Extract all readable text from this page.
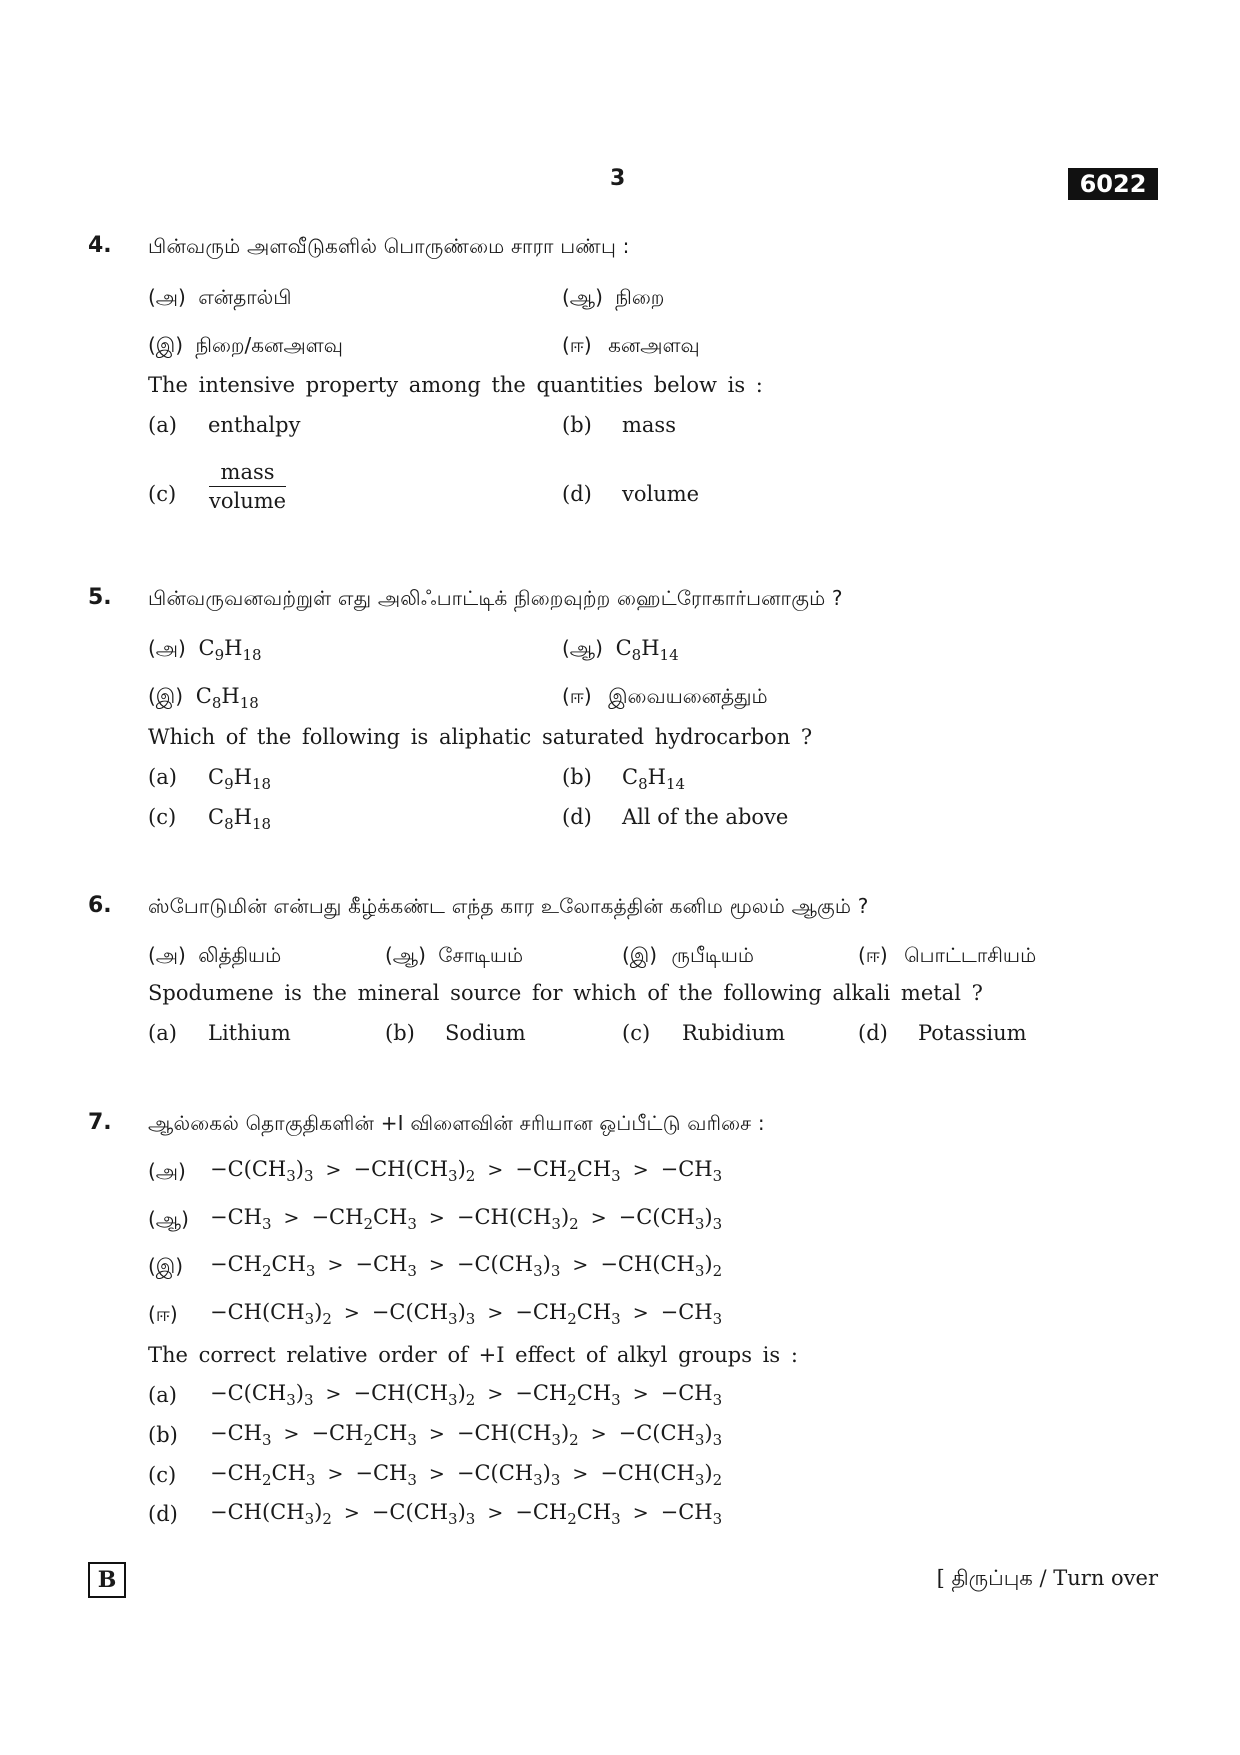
3	6022
4. பின்வரும் அளவீடுகளில் பொருண்மை சாரா பண்பு :
(அ) என்தால்பி	(ஆ) நிறை
(இ) நிறை/கனஅளவு	(ஈ) கனஅளவு
The intensive property among the quantities below is :
(a) enthalpy	(b) mass
(c)
mass
volume	(d) volume
5. பின்வருவனவற்றுள் எது அலிஃபாட்டிக் நிறைவுற்ற ஹைட்ரோகார்பனாகும் ?
(அ) $C_9H_{18}$	(ஆ) $C_8H_{14}$
(இ) $C_8H_{18}$	(ஈ) இவையனைத்தும்
Which of the following is aliphatic saturated hydrocarbon ?
(a) $C_9H_{18}$	(b) $C_8H_{14}$
(c) $C_8H_{18}$	(d) All of the above
6. ஸ்போடுமின் என்பது கீழ்க்கண்ட எந்த கார உலோகத்தின் கனிம மூலம் ஆகும் ?
(அ) லித்தியம்	(ஆ) சோடியம்	(இ) ருபீடியம்	(ஈ) பொட்டாசியம்
Spodumene is the mineral source for which of the following alkali metal ?
(a) Lithium	(b) Sodium	(c) Rubidium	(d) Potassium
7. ஆல்கைல் தொகுதிகளின் +I விளைவின் சரியான ஒப்பீட்டு வரிசை :
(அ) $-C(CH_3)_3 > -CH(CH_3)_2 > -CH_2CH_3 > -CH_3$
(ஆ) $-CH_3 > -CH_2CH_3 > -CH(CH_3)_2 > -C(CH_3)_3$
(இ) $-CH_2CH_3 > -CH_3 > -C(CH_3)_3 > -CH(CH_3)_2$
(ஈ) $-CH(CH_3)_2 > -C(CH_3)_3 > -CH_2CH_3 > -CH_3$
The correct relative order of +I effect of alkyl groups is :
$(a) -C(CH_3)_3 > -CH(CH_3)_2 > -CH_2CH_3 > -CH_3$
$(b) -CH_3 > -CH_2CH_3 > -CH(CH_3)_2 > -C(CH_3)_3$
$(c) -CH_2CH_3 > -CH_3 > -C(CH_3)_3 > -CH(CH_3)_2$
$(d) -CH(CH_3)_2 > -C(CH_3)_3 > -CH_2CH_3 > -CH_3$
B	[ திருப்புக / Turn over
